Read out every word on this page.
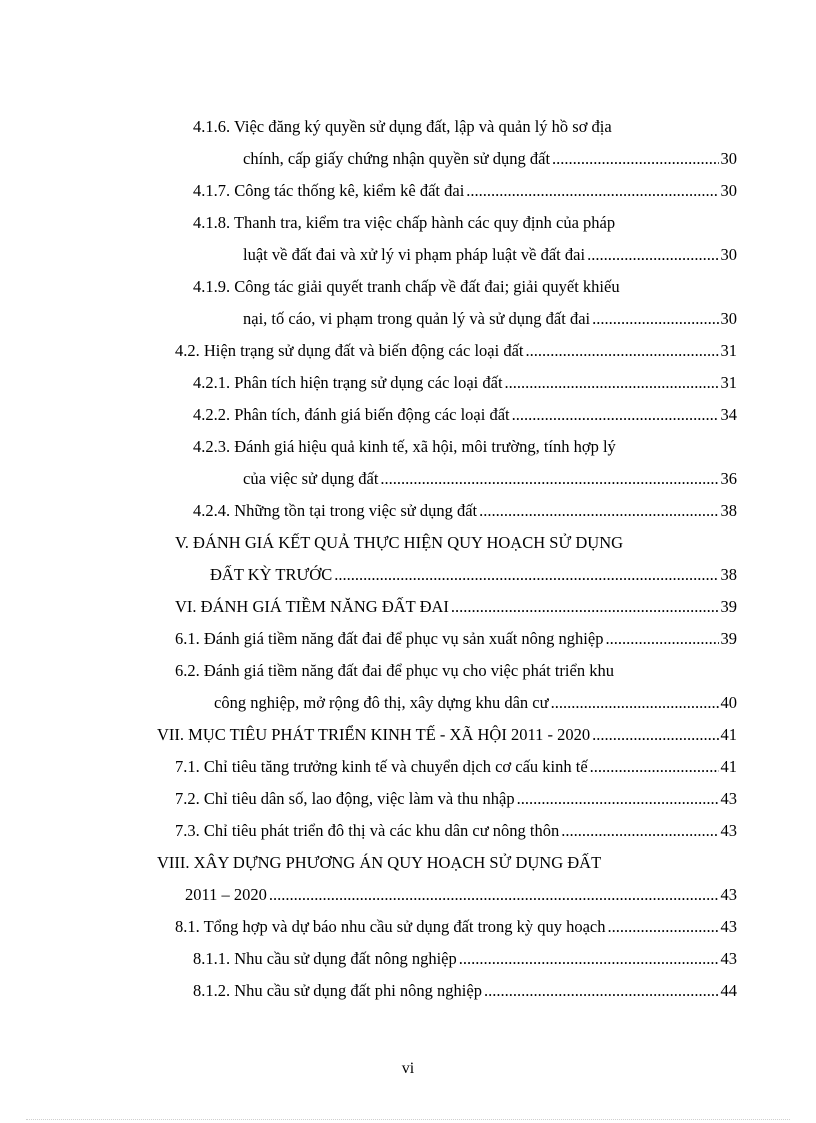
4.1.6. Việc đăng ký quyền sử dụng đất, lập và quản lý hồ sơ địa
chính, cấp giấy chứng nhận quyền sử dụng đất .....	30
4.1.7. Công tác thống kê, kiểm kê đất đai .....	30
4.1.8. Thanh tra, kiểm tra việc chấp hành các quy định của pháp
luật về đất đai và xử lý vi phạm pháp luật về đất đai .....	30
4.1.9. Công tác giải quyết tranh chấp về đất đai; giải quyết khiếu
nại, tố cáo, vi phạm trong quản lý và sử dụng đất đai .....	30
4.2. Hiện trạng sử dụng đất và biến động các loại đất .....	31
4.2.1. Phân tích hiện trạng sử dụng các loại đất .....	31
4.2.2. Phân tích, đánh giá biến động các loại đất .....	34
4.2.3. Đánh giá hiệu quả kinh tế, xã hội, môi trường, tính hợp lý
của việc sử dụng đất .....	36
4.2.4. Những tồn tại trong việc sử dụng đất .....	38
V. ĐÁNH GIÁ KẾT QUẢ THỰC HIỆN QUY HOẠCH SỬ DỤNG
ĐẤT KỲ TRƯỚC .....	38
VI. ĐÁNH GIÁ TIỀM NĂNG ĐẤT ĐAI .....	39
6.1. Đánh giá tiềm năng đất đai để phục vụ sản xuất nông nghiệp .....	39
6.2. Đánh giá tiềm năng đất đai để phục vụ cho việc phát triển khu
công nghiệp, mở rộng đô thị, xây dựng khu dân cư .....	40
VII. MỤC TIÊU PHÁT TRIỂN KINH TẾ - XÃ HỘI 2011 - 2020 .....	41
7.1. Chỉ tiêu tăng trưởng kinh tế và chuyển dịch cơ cấu kinh tế .....	41
7.2. Chỉ tiêu dân số, lao động, việc làm và thu nhập .....	43
7.3. Chỉ tiêu phát triển đô thị và các khu dân cư nông thôn .....	43
VIII. XÂY DỰNG PHƯƠNG ÁN QUY HOẠCH SỬ DỤNG ĐẤT
2011 – 2020 .....	43
8.1. Tổng hợp và dự báo nhu cầu sử dụng đất trong kỳ quy hoạch .....	43
8.1.1. Nhu cầu sử dụng đất nông nghiệp .....	43
8.1.2. Nhu cầu sử dụng đất phi nông nghiệp .....	44
vi
